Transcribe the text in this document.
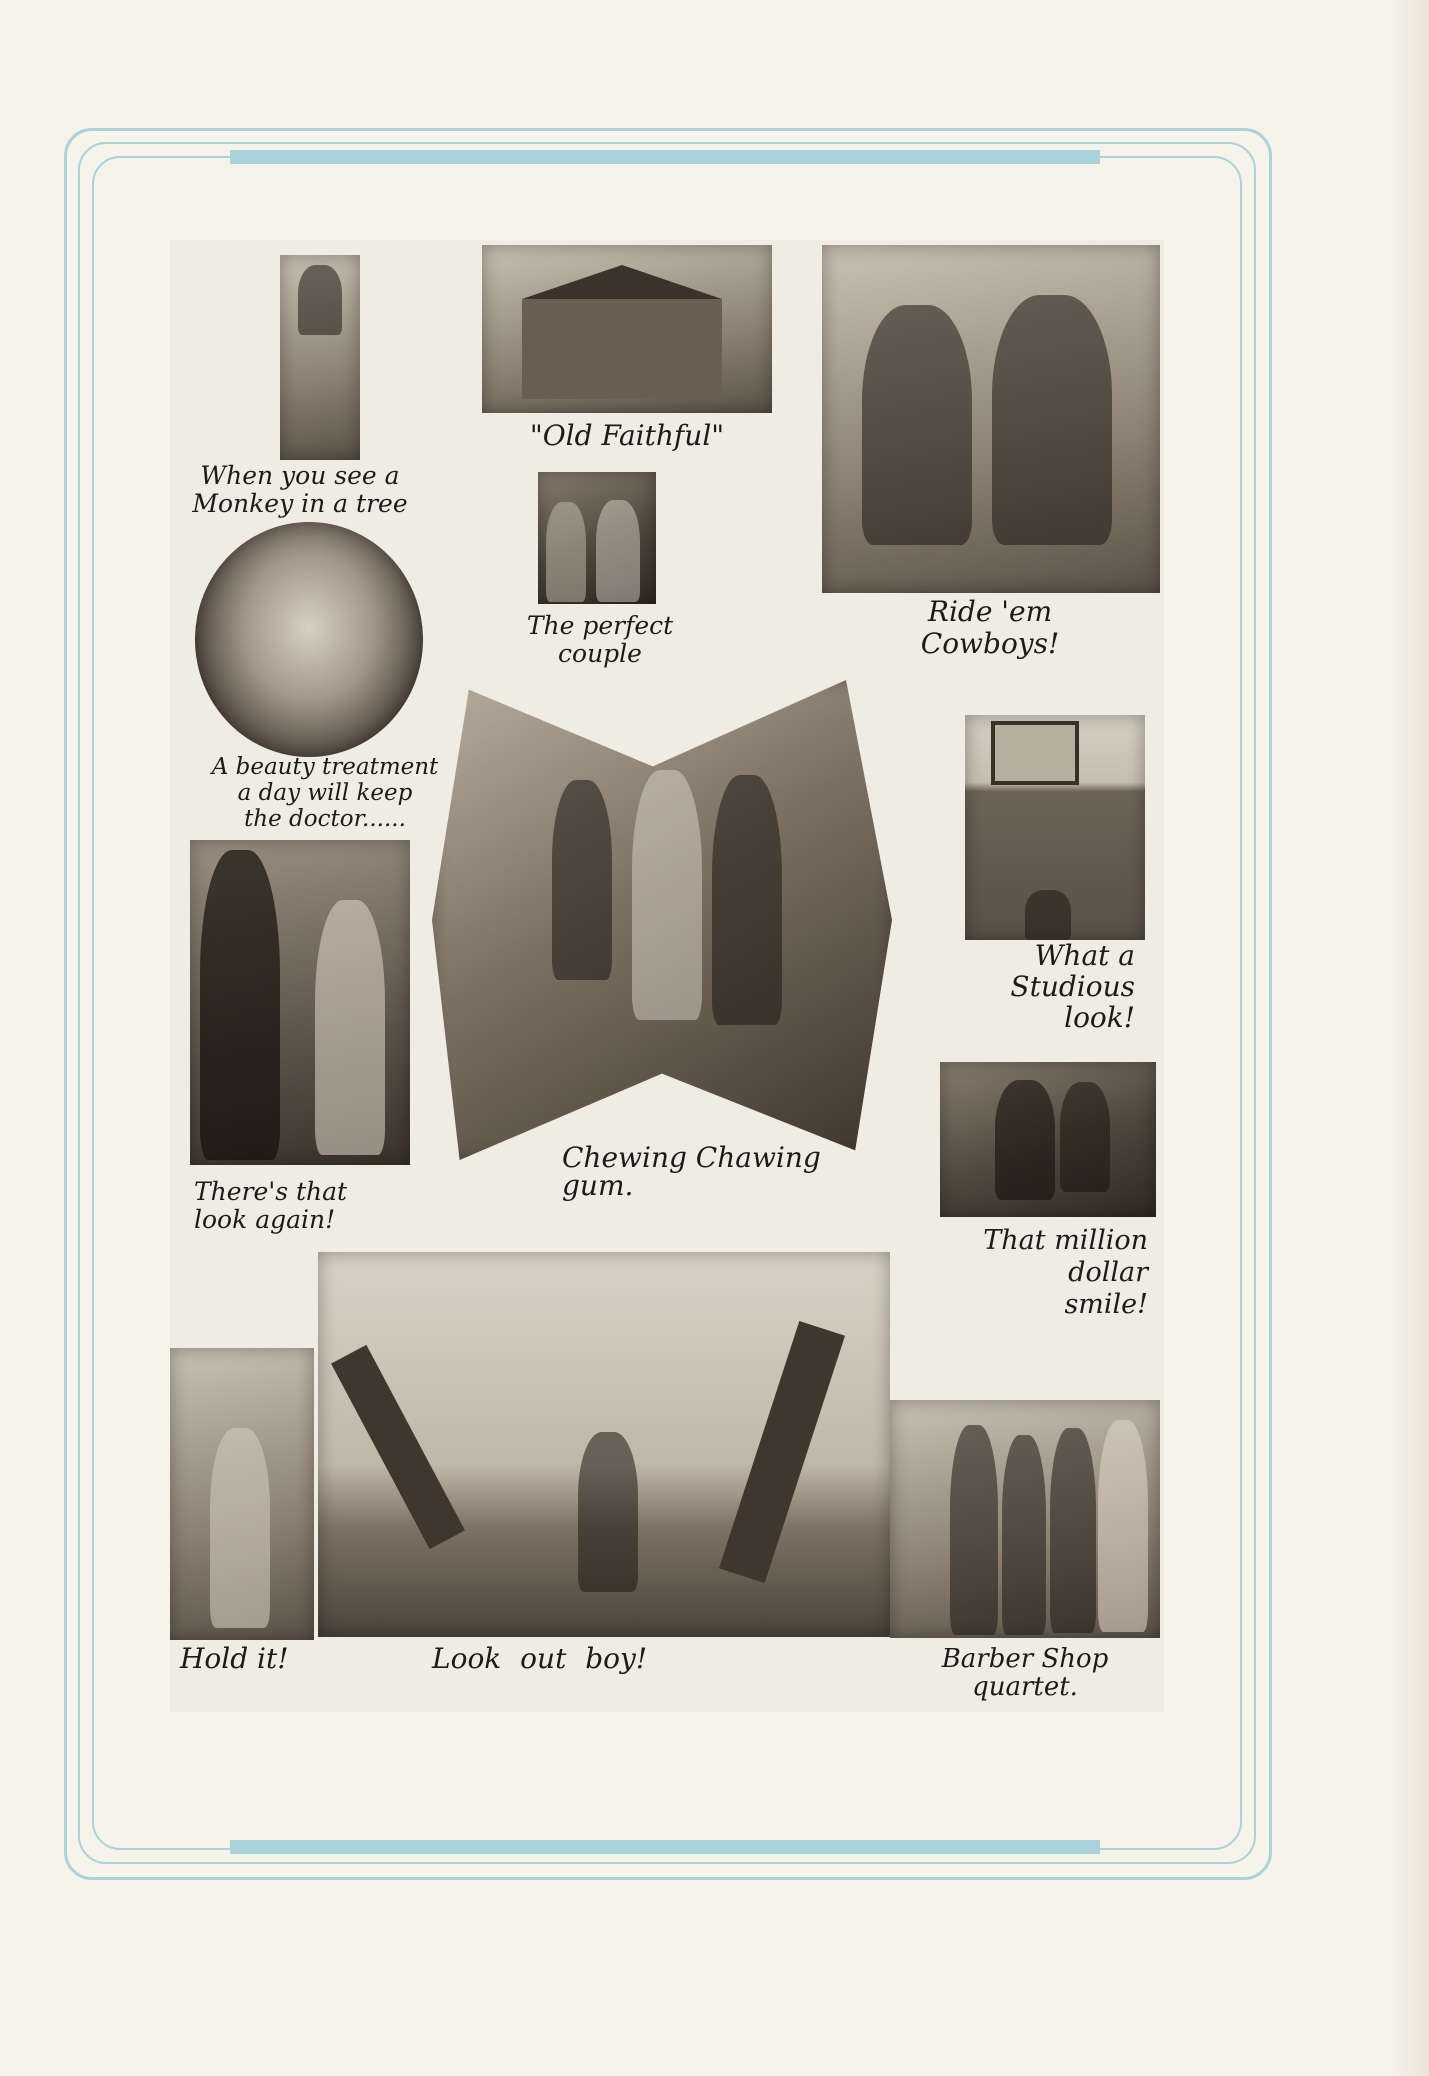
When you see a
Monkey in a tree
"Old Faithful"
Ride 'em
Cowboys!
The perfect
couple
A beauty treatment
a day will keep
the doctor......
Chewing Chawing gum.
What a
Studious
look!
There's that
look again!
That million
dollar
smile!
Hold it!	Look out boy!	Barber Shop
quartet.
